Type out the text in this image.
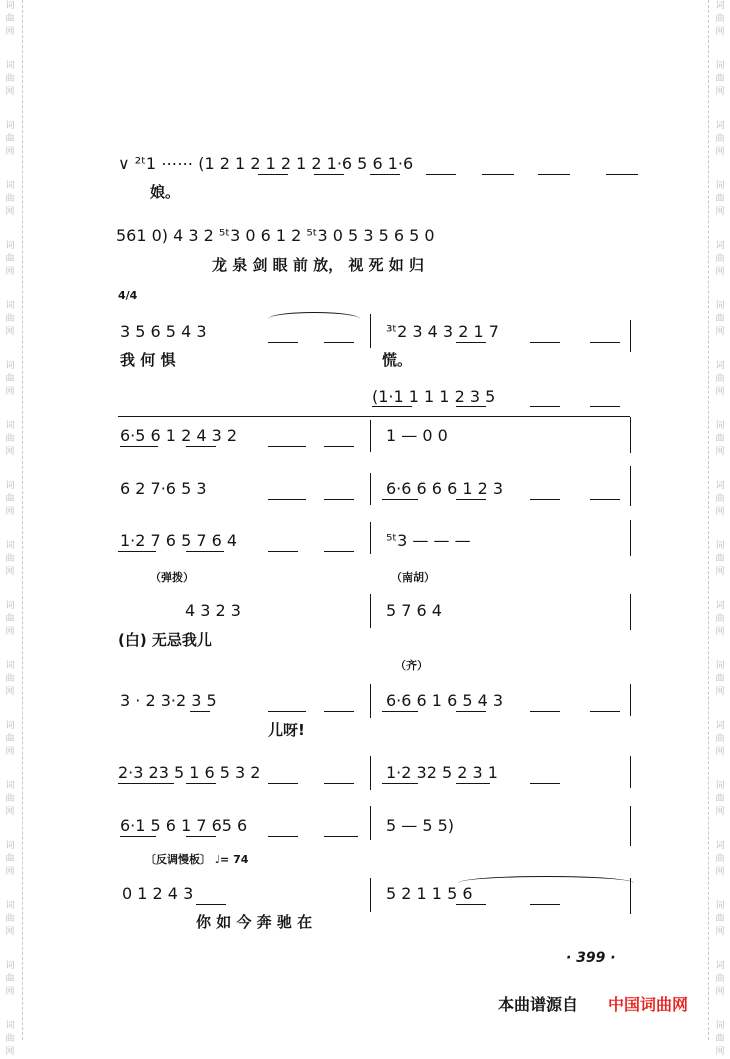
词
曲
网
词
曲
网
词
曲
网
词
曲
网
词
曲
网
词
曲
网
词
曲
网
词
曲
网
词
曲
网
词
曲
网
词
曲
网
词
曲
网
词
曲
网
词
曲
网
词
曲
网
词
曲
网
词
曲
网
词
曲
网
词
曲
网
词
曲
网
词
曲
网
词
曲
网
词
曲
网
词
曲
网
词
曲
网
词
曲
网
词
曲
网
词
曲
网
词
曲
网
词
曲
网
词
曲
网
词
曲
网
词
曲
网
词
曲
网
词
曲
网
词
曲
网
∨ ²ᵗ1 ⋯⋯ (1 2 1 2 1 2 1 2 1·6 5 6 1·6
娘。
561 0) 4 3 2 ⁵ᵗ3 0 6 1 2 ⁵ᵗ3 0 5 3 5 6 5 0
龙 泉 剑 眼 前 放， 视 死 如 归
4/4
3 5 6 5 4 3	³ᵗ2 3 4 3 2 1 7
我 何 惧	慌。
(1·1 1 1 1 2 3 5
6·5 6 1 2 4 3 2	1 — 0 0
6 2 7·6 5 3	6·6 6 6 6 1 2 3
1·2 7 6 5 7 6 4	⁵ᵗ3 — — —
（弹拨）	（南胡）
4 3 2 3	5 7 6 4
(白) 无忌我儿
（齐）
3 · 2 3·2 3 5	6·6 6 1 6 5 4 3
儿呀!
2·3 23 5 1 6 5 3 2	1·2 32 5 2 3 1
6·1 5 6 1 7 65 6	5 — 5 5)
〔反调慢板〕 ♩= 74
0 1 2 4 3	5 2 1 1 5 6
你 如 今 奔 驰 在
· 399 ·
本曲谱源自 中国词曲网
